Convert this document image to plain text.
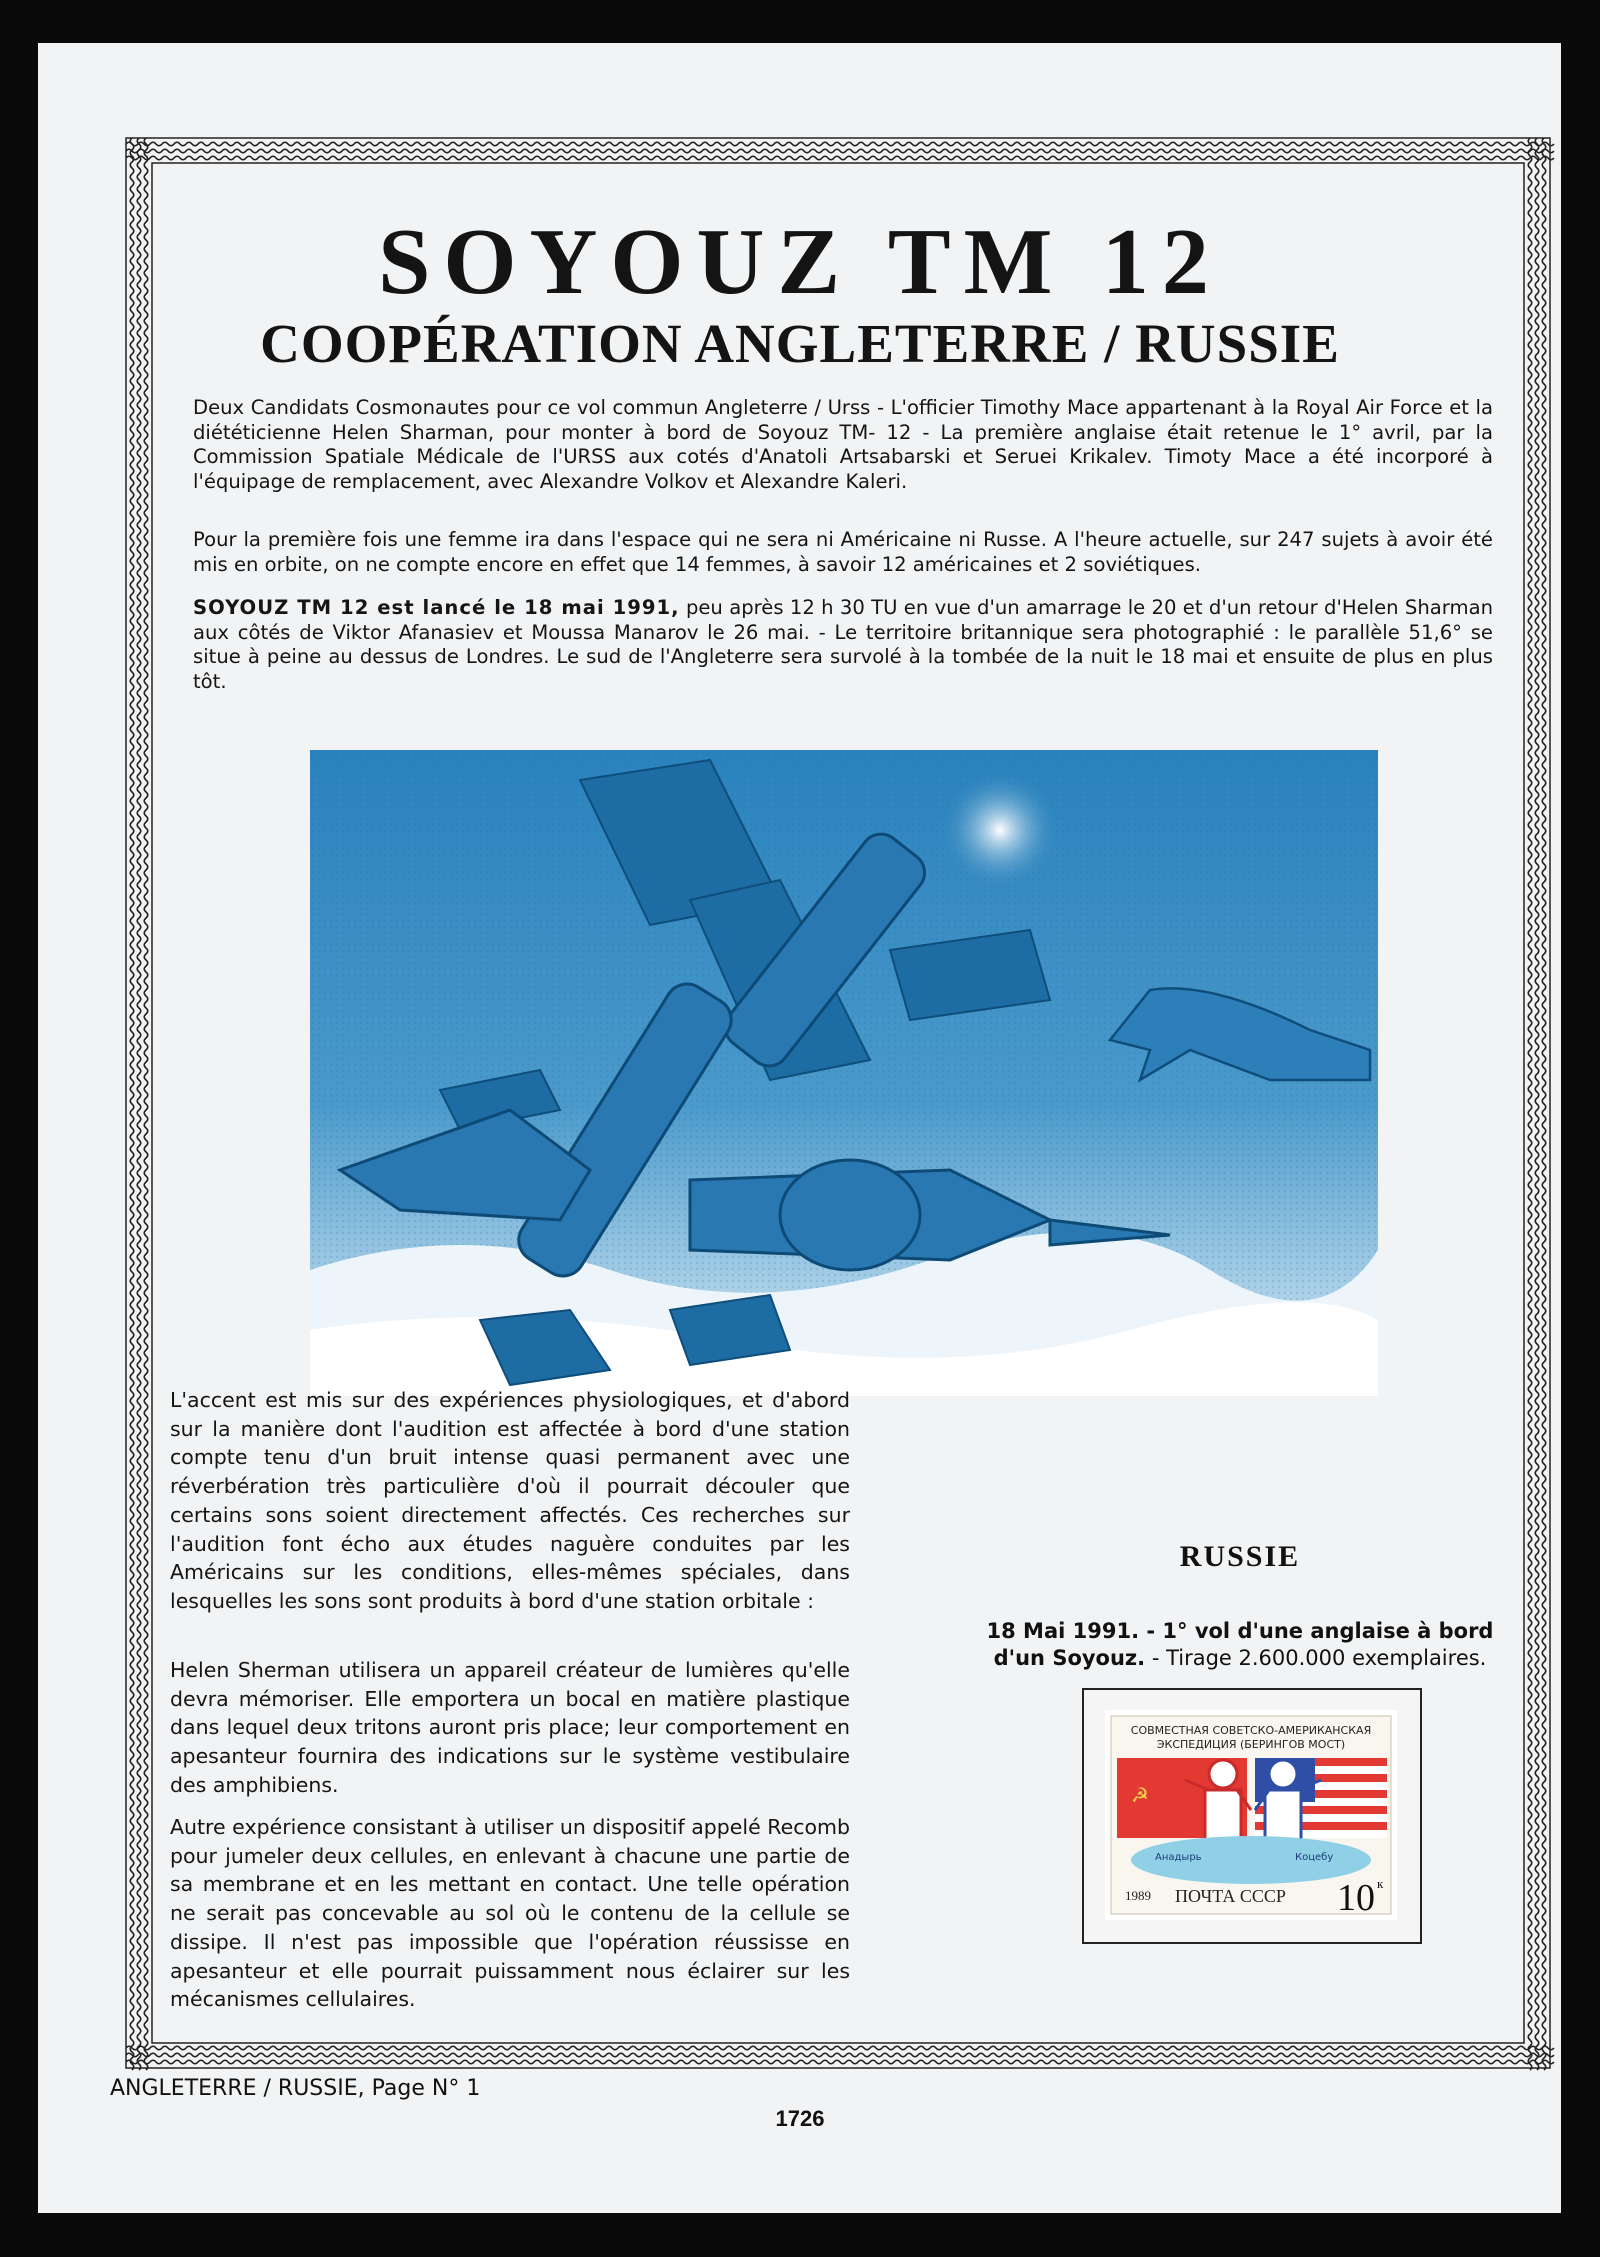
SOYOUZ TM 12
COOPÉRATION ANGLETERRE / RUSSIE

Deux Candidats Cosmonautes pour ce vol commun Angleterre / Urss - L'officier Timothy Mace appartenant à la Royal Air Force et la diététicienne Helen Sharman, pour monter à bord de Soyouz TM- 12 - La première anglaise était retenue le 1° avril, par la Commission Spatiale Médicale de l'URSS aux cotés d'Anatoli Artsabarski et Seruei Krikalev. Timoty Mace a été incorporé à l'équipage de remplacement, avec Alexandre Volkov et Alexandre Kaleri.

Pour la première fois une femme ira dans l'espace qui ne sera ni Américaine ni Russe. A l'heure actuelle, sur 247 sujets à avoir été mis en orbite, on ne compte encore en effet que 14 femmes, à savoir 12 américaines et 2 soviétiques.

SOYOUZ TM 12 est lancé le 18 mai 1991, peu après 12 h 30 TU en vue d'un amarrage le 20 et d'un retour d'Helen Sharman aux côtés de Viktor Afanasiev et Moussa Manarov le 26 mai. - Le territoire britannique sera photographié : le parallèle 51,6° se situe à peine au dessus de Londres. Le sud de l'Angleterre sera survolé à la tombée de la nuit le 18 mai et ensuite de plus en plus tôt.

L'accent est mis sur des expériences physiologiques, et d'abord sur la manière dont l'audition est affectée à bord d'une station compte tenu d'un bruit intense quasi permanent avec une réverbération très particulière d'où il pourrait découler que certains sons soient directement affectés. Ces recherches sur l'audition font écho aux études naguère conduites par les Américains sur les conditions, elles-mêmes spéciales, dans lesquelles les sons sont produits à bord d'une station orbitale :

Helen Sherman utilisera un appareil créateur de lumières qu'elle devra mémoriser. Elle emportera un bocal en matière plastique dans lequel deux tritons auront pris place; leur comportement en apesanteur fournira des indications sur le système vestibulaire des amphibiens.

Autre expérience consistant à utiliser un dispositif appelé Recomb pour jumeler deux cellules, en enlevant à chacune une partie de sa membrane et en les mettant en contact. Une telle opération ne serait pas concevable au sol où le contenu de la cellule se dissipe. Il n'est pas impossible que l'opération réussisse en apesanteur et elle pourrait puissamment nous éclairer sur les mécanismes cellulaires.

RUSSIE
18 Mai 1991. - 1° vol d'une anglaise à bord d'un Soyouz. - Tirage 2.600.000 exemplaires.
СОВМЕСТНАЯ СОВЕТСКО-АМЕРИКАНСКАЯ
ЭКСПЕДИЦИЯ (БЕРИНГОВ МОСТ)
☭
Анадырь	Коцебу
1989 ПОЧТА СССР 10 к
ANGLETERRE / RUSSIE, Page N° 1
1726
